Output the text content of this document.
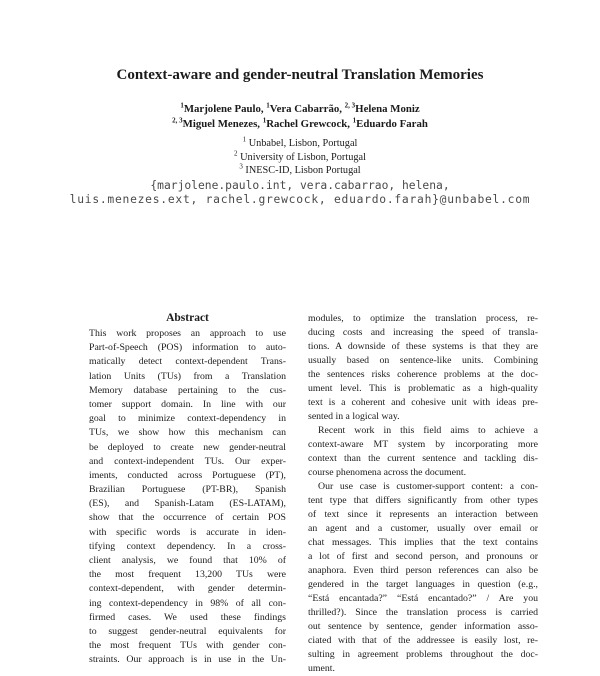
Context-aware and gender-neutral Translation Memories
$^1$Marjolene Paulo, $^1$Vera Cabarrão, $^{2, 3}$Helena Moniz
$^{2, 3}$Miguel Menezes, $^1$Rachel Grewcock, $^1$Eduardo Farah
$^1$ Unbabel, Lisbon, Portugal
$^2$ University of Lisbon, Portugal
$^3$ INESC-ID, Lisbon Portugal
{marjolene.paulo.int, vera.cabarrao, helena,
luis.menezes.ext, rachel.grewcock, eduardo.farah}@unbabel.com
Abstract
This work proposes an approach to use
Part-of-Speech (POS) information to auto-
matically detect context-dependent Trans-
lation Units (TUs) from a Translation
Memory database pertaining to the cus-
tomer support domain. In line with our
goal to minimize context-dependency in
TUs, we show how this mechanism can
be deployed to create new gender-neutral
and context-independent TUs. Our exper-
iments, conducted across Portuguese (PT),
Brazilian Portuguese (PT-BR), Spanish
(ES), and Spanish-Latam (ES-LATAM),
show that the occurrence of certain POS
with specific words is accurate in iden-
tifying context dependency. In a cross-
client analysis, we found that 10% of
the most frequent 13,200 TUs were
context-dependent, with gender determin-
ing context-dependency in 98% of all con-
firmed cases. We used these findings
to suggest gender-neutral equivalents for
the most frequent TUs with gender con-
straints. Our approach is in use in the Un-
modules, to optimize the translation process, re-
ducing costs and increasing the speed of transla-
tions. A downside of these systems is that they are
usually based on sentence-like units. Combining
the sentences risks coherence problems at the doc-
ument level. This is problematic as a high-quality
text is a coherent and cohesive unit with ideas pre-
sented in a logical way.
Recent work in this field aims to achieve a
context-aware MT system by incorporating more
context than the current sentence and tackling dis-
course phenomena across the document.
Our use case is customer-support content: a con-
tent type that differs significantly from other types
of text since it represents an interaction between
an agent and a customer, usually over email or
chat messages. This implies that the text contains
a lot of first and second person, and pronouns or
anaphora. Even third person references can also be
gendered in the target languages in question (e.g.,
“Está encantada?” “Está encantado?” / Are you
thrilled?). Since the translation process is carried
out sentence by sentence, gender information asso-
ciated with that of the addressee is easily lost, re-
sulting in agreement problems throughout the doc-
ument.
